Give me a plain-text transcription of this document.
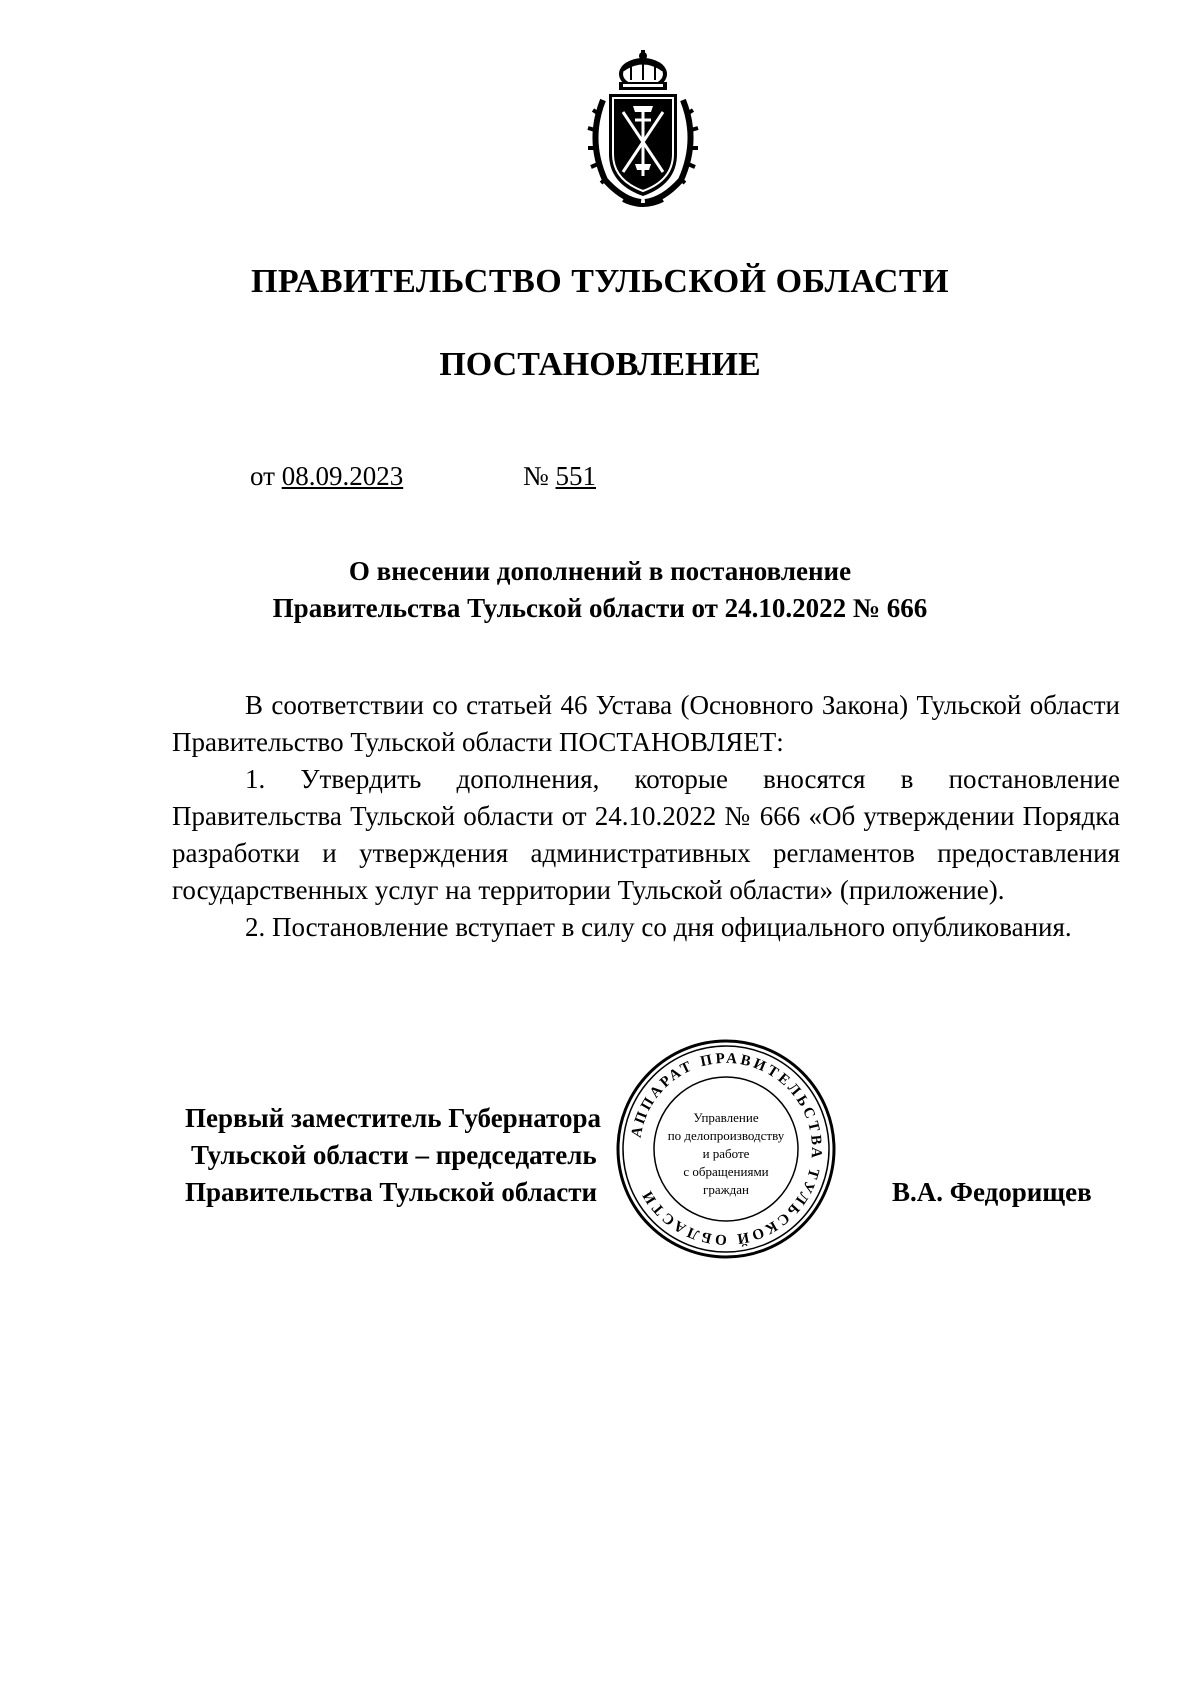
ПРАВИТЕЛЬСТВО ТУЛЬСКОЙ ОБЛАСТИ
ПОСТАНОВЛЕНИЕ
от 08.09.2023	№ 551
О внесении дополнений в постановление
Правительства Тульской области от 24.10.2022 № 666

В соответствии со статьей 46 Устава (Основного Закона) Тульской области Правительство Тульской области ПОСТАНОВЛЯЕТ:

1. Утвердить дополнения, которые вносятся в постановление Правительства Тульской области от 24.10.2022 № 666 «Об утверждении Порядка разработки и утверждения административных регламентов предоставления государственных услуг на территории Тульской области» (приложение).

2. Постановление вступает в силу со дня официального опубликования.

Первый заместитель Губернатора
Тульской области – председатель
Правительства Тульской области
АППАРАТ ПРАВИТЕЛЬСТВА ТУЛЬСКОЙ ОБЛАСТИ
Управление
по делопроизводству
и работе
с обращениями
граждан	В.А. Федорищев
